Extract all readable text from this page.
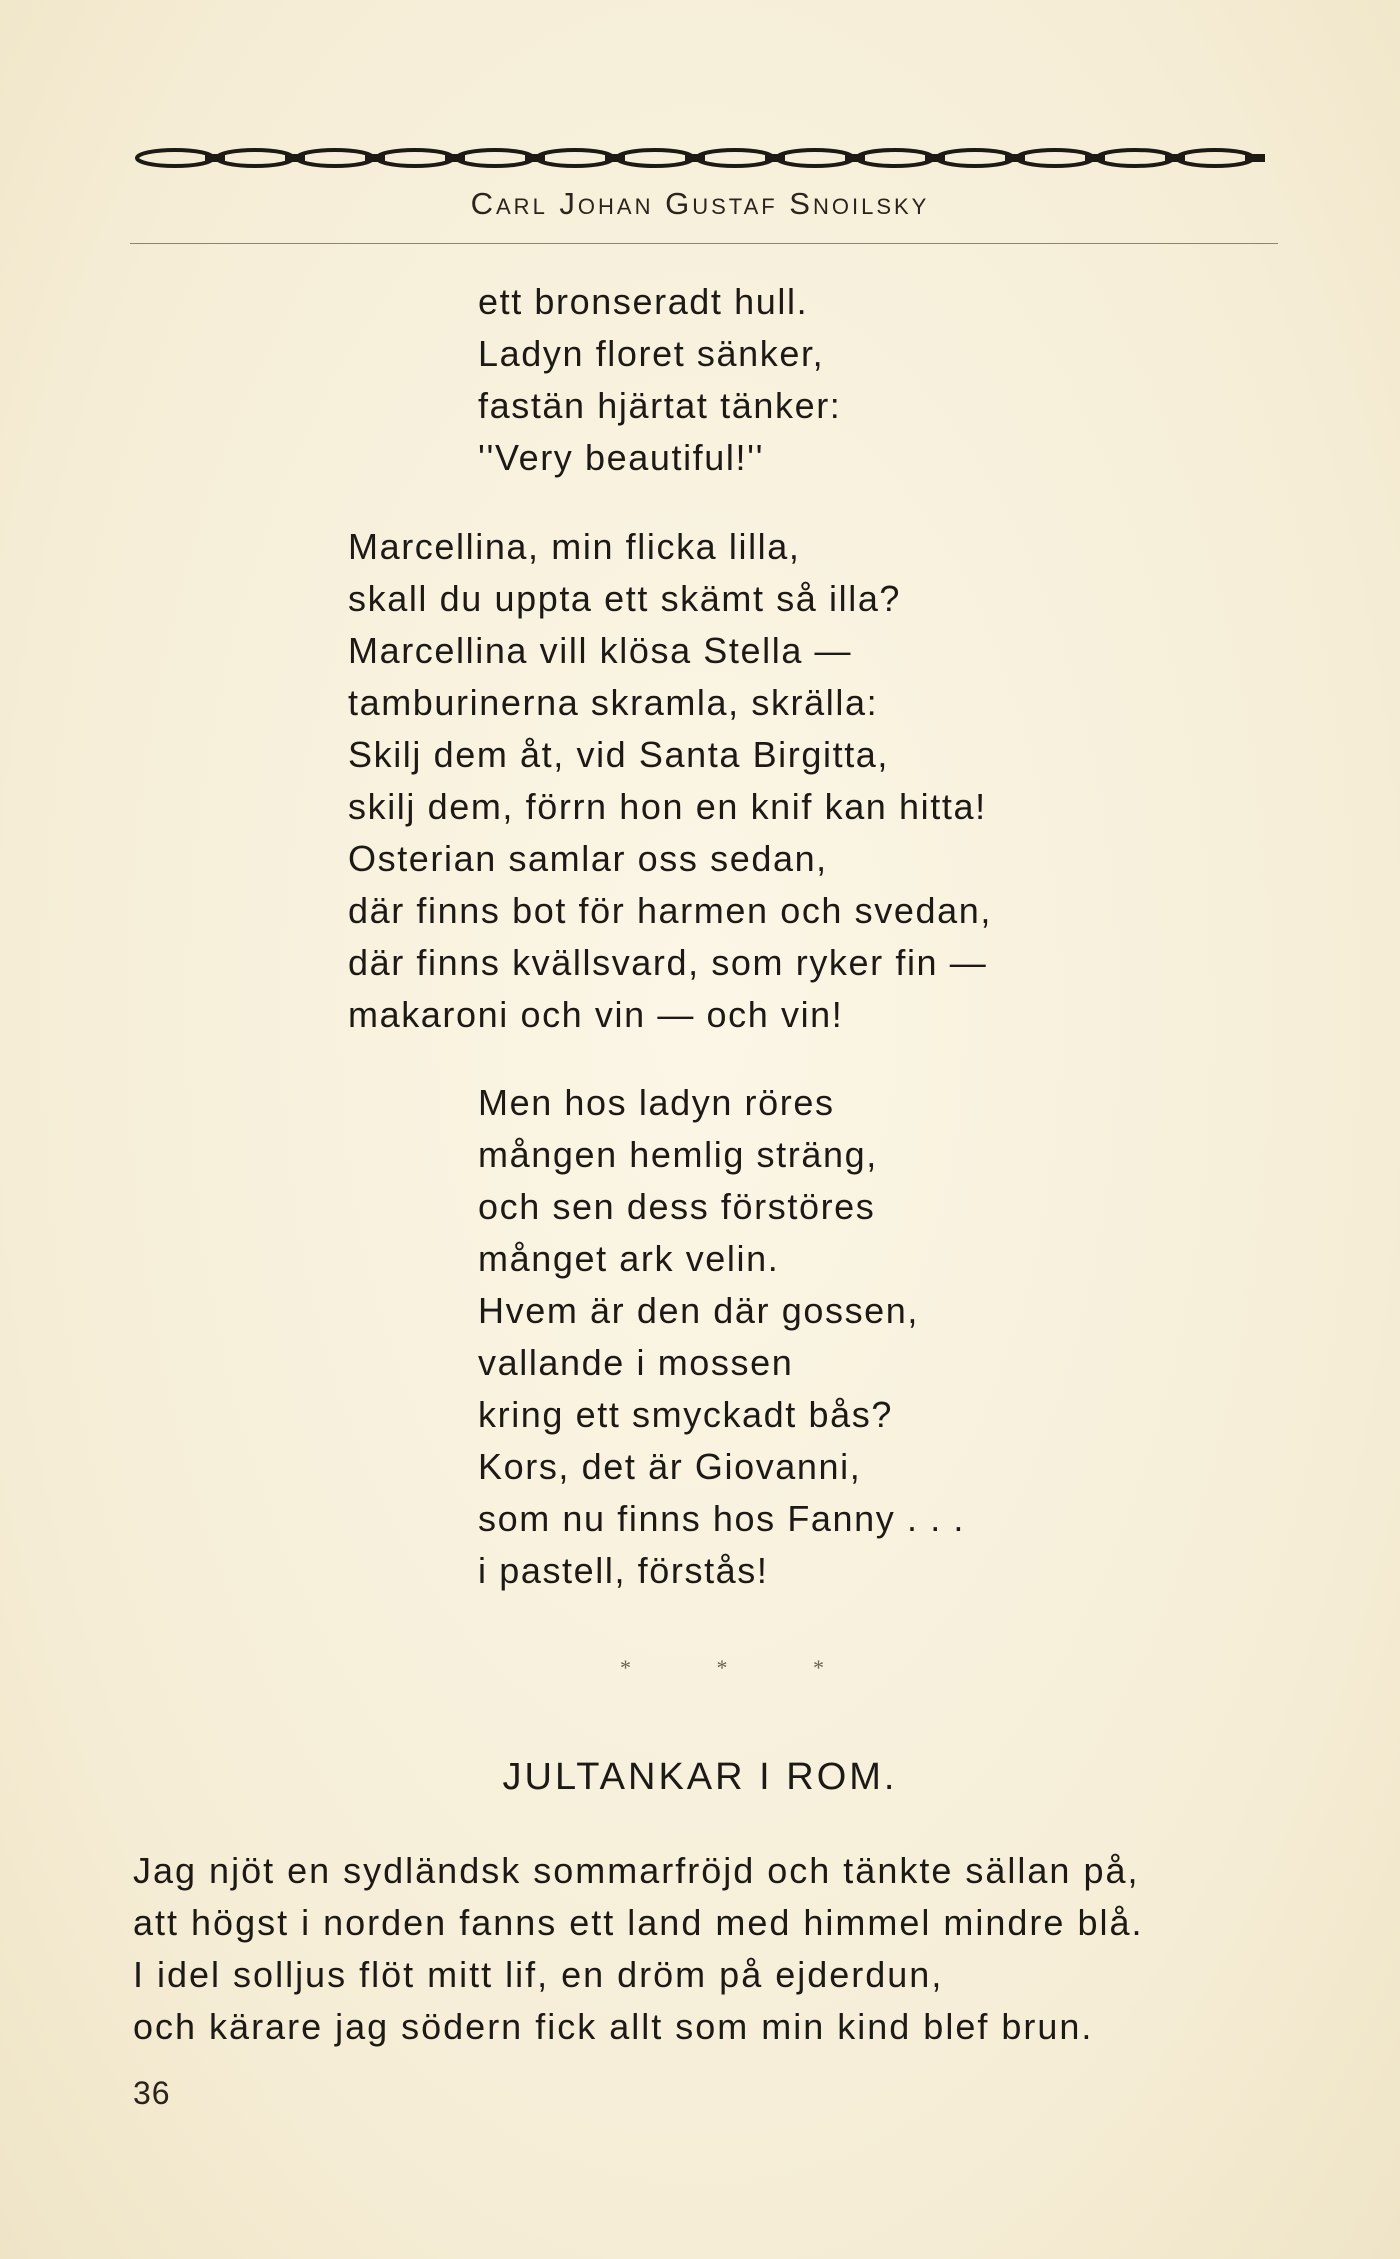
Carl Johan Gustaf Snoilsky
ett bronseradt hull.
Ladyn floret sänker,
fastän hjärtat tänker:
''Very beautiful!''
Marcellina, min flicka lilla,
skall du uppta ett skämt så illa?
Marcellina vill klösa Stella —
tamburinerna skramla, skrälla:
Skilj dem åt, vid Santa Birgitta,
skilj dem, förrn hon en knif kan hitta!
Osterian samlar oss sedan,
där finns bot för harmen och svedan,
där finns kvällsvard, som ryker fin —
makaroni och vin — och vin!
Men hos ladyn röres
mången hemlig sträng,
och sen dess förstöres
månget ark velin.
Hvem är den där gossen,
vallande i mossen
kring ett smyckadt bås?
Kors, det är Giovanni,
som nu finns hos Fanny . . .
i pastell, förstås!
* * *
JULTANKAR I ROM.
Jag njöt en sydländsk sommarfröjd och tänkte sällan på,
att högst i norden fanns ett land med himmel mindre blå.
I idel solljus flöt mitt lif, en dröm på ejderdun,
och kärare jag södern fick allt som min kind blef brun.
36
